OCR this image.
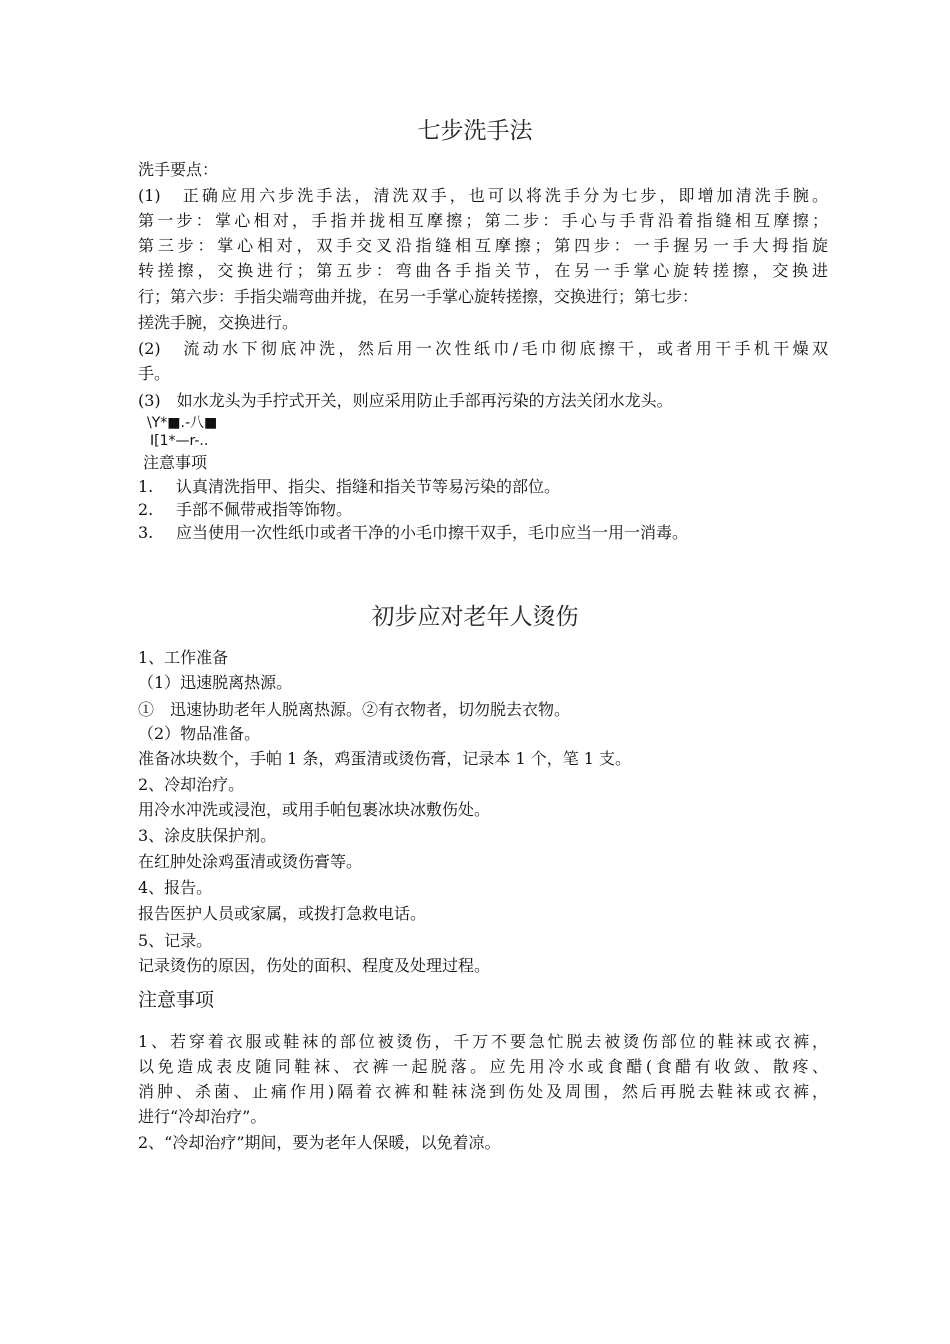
七步洗手法
洗手要点：
(1)　正确应用六步洗手法，清洗双手，也可以将洗手分为七步，即增加清洗手腕。
第一步：掌心相对，手指并拢相互摩擦；第二步：手心与手背沿着指缝相互摩擦；
第三步：掌心相对，双手交叉沿指缝相互摩擦；第四步：一手握另一手大拇指旋
转搓擦，交换进行；第五步：弯曲各手指关节，在另一手掌心旋转搓擦，交换进
行；第六步：手指尖端弯曲并拢，在另一手掌心旋转搓擦，交换进行；第七步：
搓洗手腕，交换进行。
(2)　流动水下彻底冲洗，然后用一次性纸巾/毛巾彻底擦干，或者用干手机干燥双
手。
(3)　如水龙头为手拧式开关，则应采用防止手部再污染的方法关闭水龙头。
\Y*■.-八■
I[1*—r-..
注意事项
1. 认真清洗指甲、指尖、指缝和指关节等易污染的部位。
2. 手部不佩带戒指等饰物。
3. 应当使用一次性纸巾或者干净的小毛巾擦干双手，毛巾应当一用一消毒。
初步应对老年人烫伤
1、工作准备
（1）迅速脱离热源。
①　迅速协助老年人脱离热源。②有衣物者，切勿脱去衣物。
（2）物品准备。
准备冰块数个，手帕 1 条，鸡蛋清或烫伤膏，记录本 1 个，笔 1 支。
2、冷却治疗。
用冷水冲洗或浸泡，或用手帕包裹冰块冰敷伤处。
3、涂皮肤保护剂。
在红肿处涂鸡蛋清或烫伤膏等。
4、报告。
报告医护人员或家属，或拨打急救电话。
5、记录。
记录烫伤的原因，伤处的面积、程度及处理过程。
注意事项
1、若穿着衣服或鞋袜的部位被烫伤，千万不要急忙脱去被烫伤部位的鞋袜或衣裤，
以免造成表皮随同鞋袜、衣裤一起脱落。应先用冷水或食醋(食醋有收敛、散疼、
消肿、杀菌、止痛作用)隔着衣裤和鞋袜浇到伤处及周围，然后再脱去鞋袜或衣裤，
进行“冷却治疗”。
2、“冷却治疗”期间，要为老年人保暖，以免着凉。
